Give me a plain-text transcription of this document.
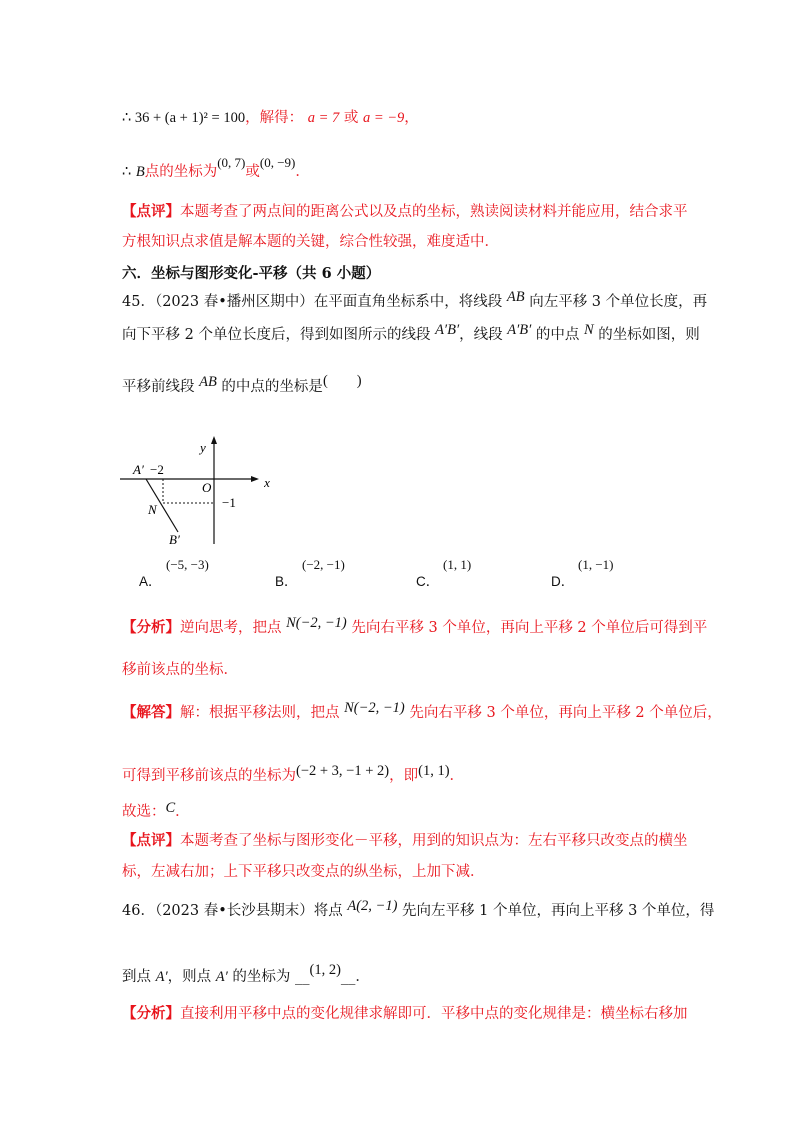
∴ 36 + (a + 1)² = 100，解得： a = 7 或 a = −9，
∴ B点的坐标为(0, 7)或(0, −9)．
【点评】本题考查了两点间的距离公式以及点的坐标，熟读阅读材料并能应用，结合求平
方根知识点求值是解本题的关键，综合性较强，难度适中．
六．坐标与图形变化-平移（共 6 小题）
45．（2023 春•播州区期中）在平面直角坐标系中，将线段 AB 向左平移 3 个单位长度，再
向下平移 2 个单位长度后，得到如图所示的线段 A′B′，线段 A′B′ 的中点 N 的坐标如图，则
平移前线段 AB 的中点的坐标是(　　)
y
x
O
A′ −2
−1
N
B′
(−5, −3)
A．
(−2, −1)
B．
(1, 1)
C．
(1, −1)
D．
【分析】逆向思考，把点 N(−2, −1) 先向右平移 3 个单位，再向上平移 2 个单位后可得到平
移前该点的坐标．
【解答】解：根据平移法则，把点 N(−2, −1) 先向右平移 3 个单位，再向上平移 2 个单位后，
可得到平移前该点的坐标为(−2 + 3, −1 + 2)，即(1, 1)．
故选：C．
【点评】本题考查了坐标与图形变化－平移，用到的知识点为：左右平移只改变点的横坐
标，左减右加；上下平移只改变点的纵坐标，上加下减．
46．（2023 春•长沙县期末）将点 A(2, −1) 先向左平移 1 个单位，再向上平移 3 个单位，得
到点 A′，则点 A′ 的坐标为 __(1, 2)__．
【分析】直接利用平移中点的变化规律求解即可．平移中点的变化规律是：横坐标右移加
